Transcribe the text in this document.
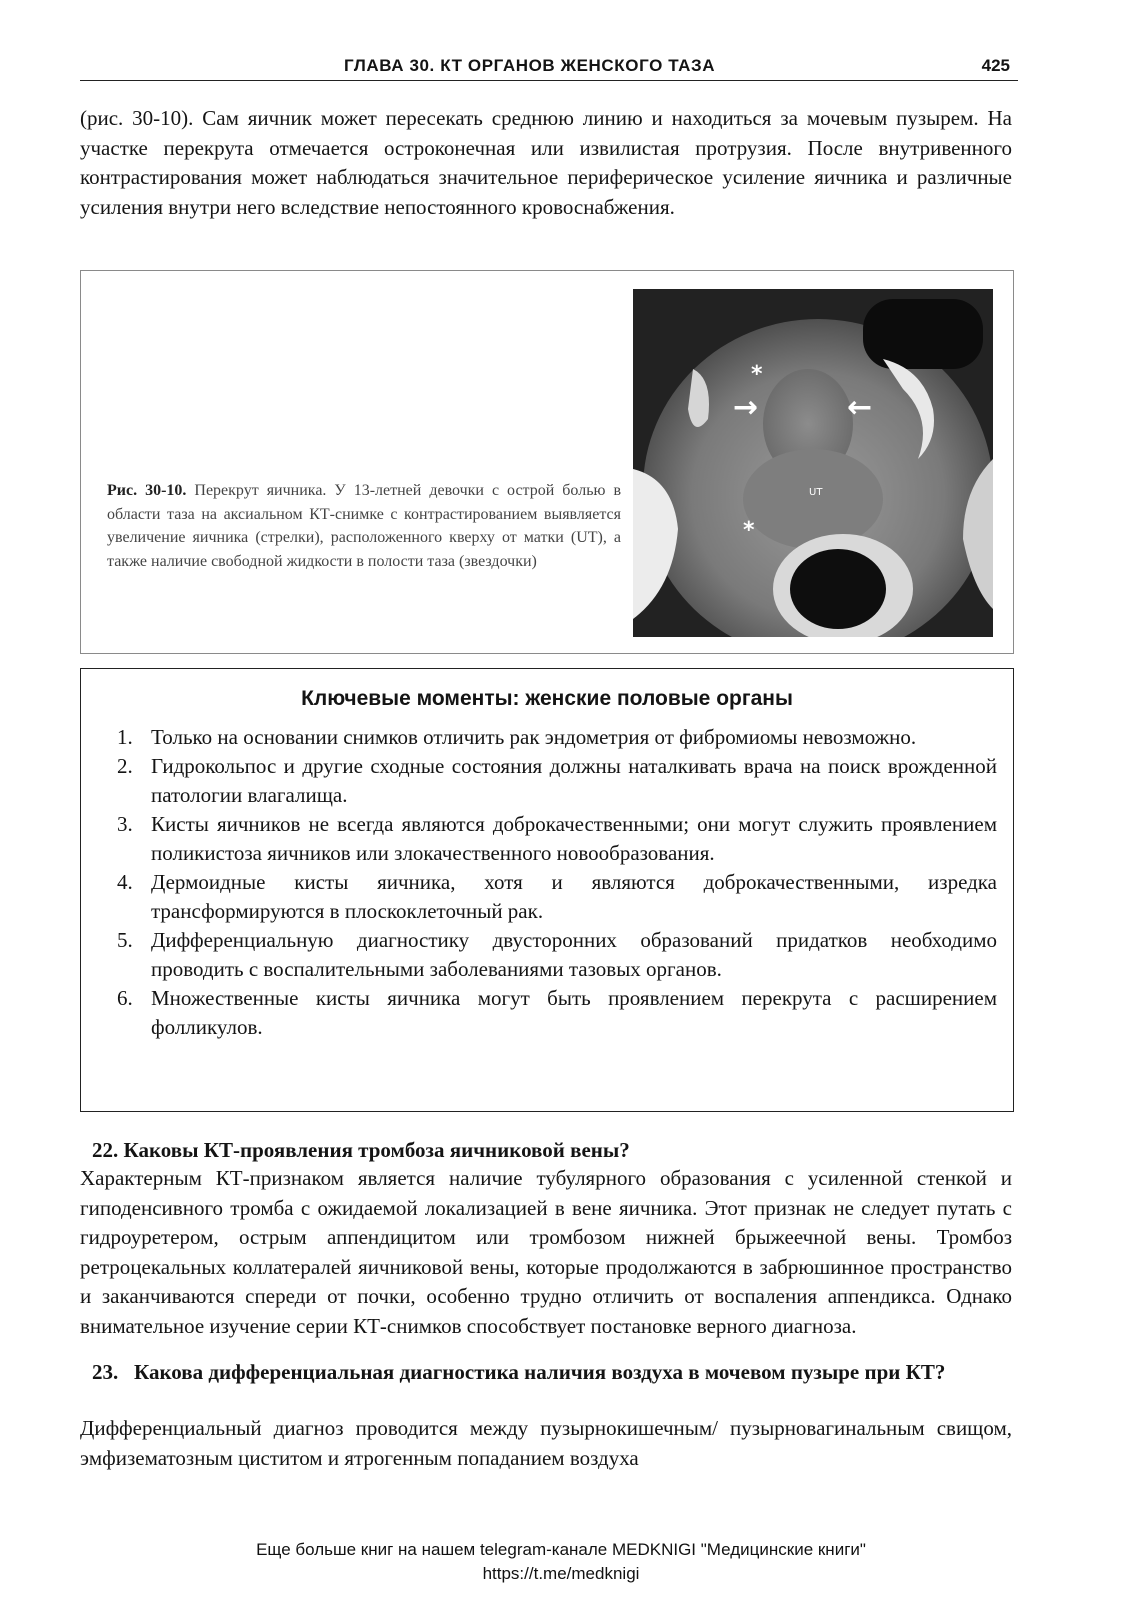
ГЛАВА 30. КТ ОРГАНОВ ЖЕНСКОГО ТАЗА	425

(рис. 30-10). Сам яичник может пересекать среднюю линию и находиться за мочевым пузырем. На участке перекрута отмечается остроконечная или извилистая протрузия. После внутривенного контрастирования может наблюдаться значительное периферическое усиление яичника и различные усиления внутри него вследствие непостоянного кровоснабжения.

Рис. 30-10. Перекрут яичника. У 13-летней девочки с острой болью в области таза на аксиальном КТ-снимке с контрастированием выявляется увеличение яичника (стрелки), расположенного кверху от матки (UT), а также наличие свободной жидкости в полости таза (звездочки)
*
→	←
UT
*
Ключевые моменты: женские половые органы
1. Только на основании снимков отличить рак эндометрия от фибромиомы невозможно.
2. Гидрокольпос и другие сходные состояния должны наталкивать врача на поиск врожденной патологии влагалища.
3. Кисты яичников не всегда являются доброкачественными; они могут служить проявлением поликистоза яичников или злокачественного новообразования.
4. Дермоидные кисты яичника, хотя и являются доброкачественными, изредка трансформируются в плоскоклеточный рак.
5. Дифференциальную диагностику двусторонних образований придатков необходимо проводить с воспалительными заболеваниями тазовых органов.
6. Множественные кисты яичника могут быть проявлением перекрута с расширением фолликулов.
22. Каковы КТ-проявления тромбоза яичниковой вены?

Характерным КТ-признаком является наличие тубулярного образования с усиленной стенкой и гиподенсивного тромба с ожидаемой локализацией в вене яичника. Этот признак не следует путать с гидроуретером, острым аппендицитом или тромбозом нижней брыжеечной вены. Тромбоз ретроцекальных коллатералей яичниковой вены, которые продолжаются в забрюшинное пространство и заканчиваются спереди от почки, особенно трудно отличить от воспаления аппендикса. Однако внимательное изучение серии КТ-снимков способствует постановке верного диагноза.

23. Какова дифференциальная диагностика наличия воздуха в мочевом пузыре при КТ?

Дифференциальный диагноз проводится между пузырнокишечным/ пузырновагинальным свищом, эмфизематозным циститом и ятрогенным попаданием воздуха

Еще больше книг на нашем telegram-канале MEDKNIGI "Медицинские книги"
https://t.me/medknigi
